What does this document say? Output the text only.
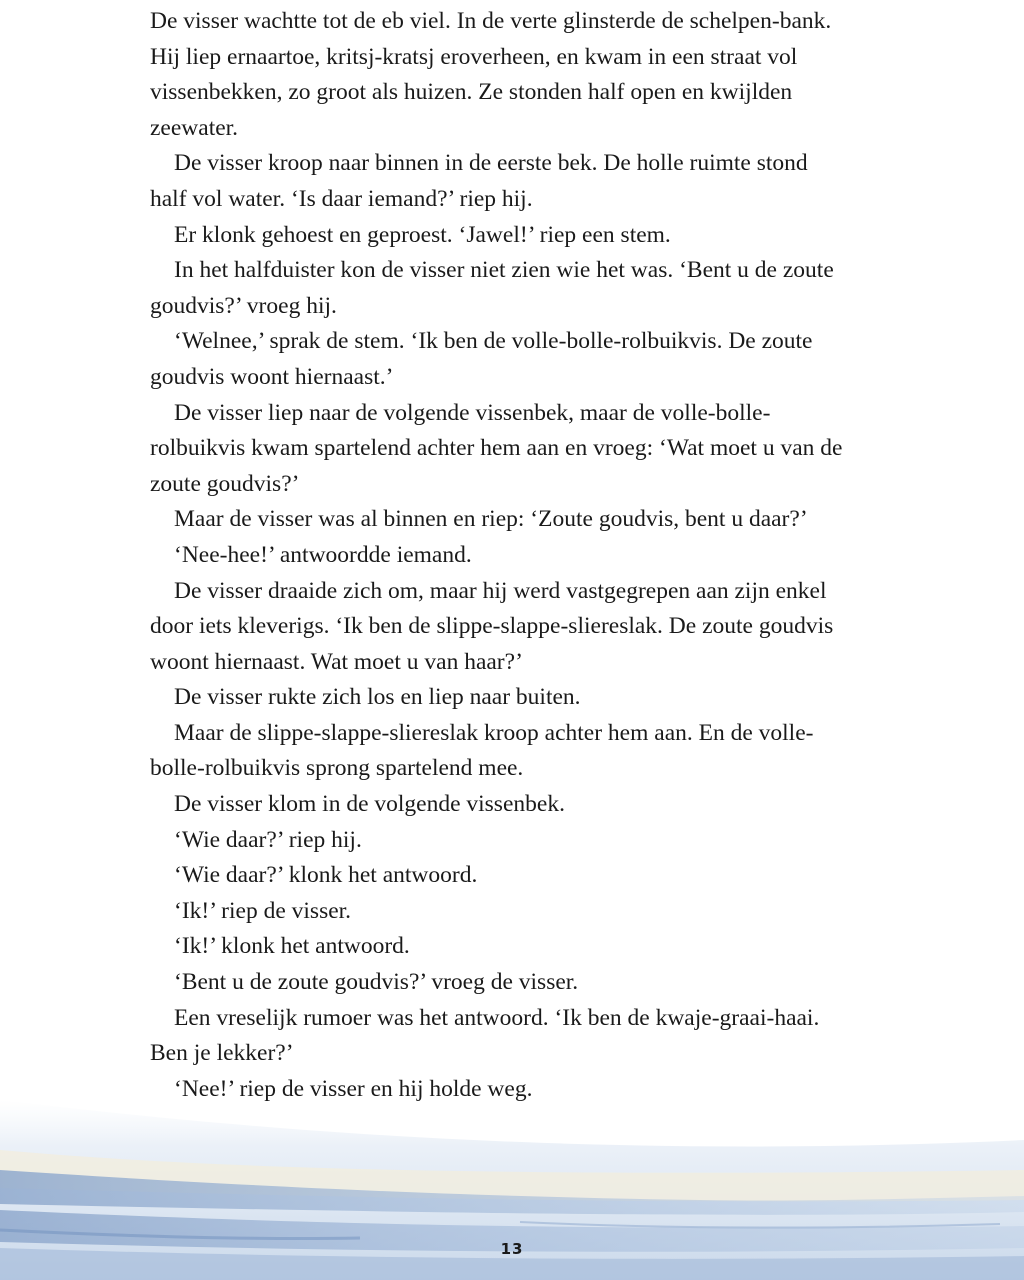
De visser wachtte tot de eb viel. In de verte glinsterde de schelpen-bank. Hij liep ernaartoe, kritsj-kratsj eroverheen, en kwam in een straat vol vissenbekken, zo groot als huizen. Ze stonden half open en kwijlden zeewater.

De visser kroop naar binnen in de eerste bek. De holle ruimte stond half vol water. ‘Is daar iemand?’ riep hij.

Er klonk gehoest en geproest. ‘Jawel!’ riep een stem.

In het halfduister kon de visser niet zien wie het was. ‘Bent u de zoute goudvis?’ vroeg hij.

‘Welnee,’ sprak de stem. ‘Ik ben de volle-bolle-rolbuikvis. De zoute goudvis woont hiernaast.’

De visser liep naar de volgende vissenbek, maar de volle-bolle-rolbuikvis kwam spartelend achter hem aan en vroeg: ‘Wat moet u van de zoute goudvis?’

Maar de visser was al binnen en riep: ‘Zoute goudvis, bent u daar?’

‘Nee-hee!’ antwoordde iemand.

De visser draaide zich om, maar hij werd vastgegrepen aan zijn enkel door iets kleverigs. ‘Ik ben de slippe-slappe-sliereslak. De zoute goudvis woont hiernaast. Wat moet u van haar?’

De visser rukte zich los en liep naar buiten.

Maar de slippe-slappe-sliereslak kroop achter hem aan. En de volle-bolle-rolbuikvis sprong spartelend mee.

De visser klom in de volgende vissenbek.

‘Wie daar?’ riep hij.

‘Wie daar?’ klonk het antwoord.

‘Ik!’ riep de visser.

‘Ik!’ klonk het antwoord.

‘Bent u de zoute goudvis?’ vroeg de visser.

Een vreselijk rumoer was het antwoord. ‘Ik ben de kwaje-graai-haai. Ben je lekker?’

‘Nee!’ riep de visser en hij holde weg.

13
